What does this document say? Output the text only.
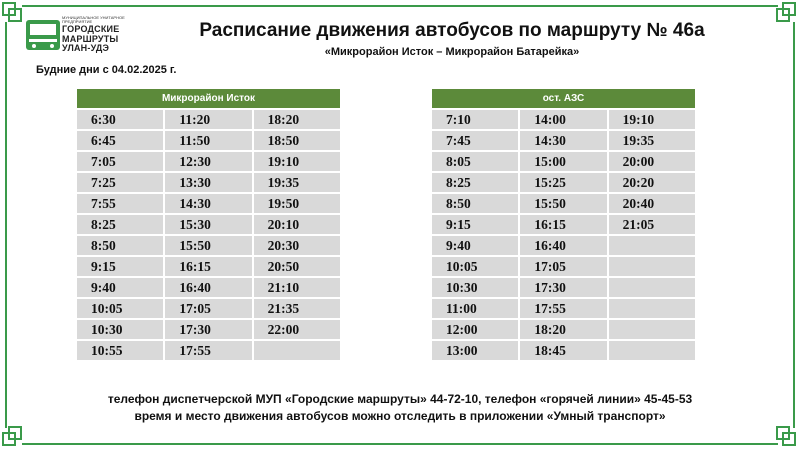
МУНИЦИПАЛЬНОЕ УНИТАРНОЕ ПРЕДПРИЯТИЕ
ГОРОДСКИЕ
МАРШРУТЫ
УЛАН-УДЭ
Расписание движения автобусов по маршруту № 46а
«Микрорайон Исток – Микрорайон Батарейка»
Будние дни с 04.02.2025 г.
Микрорайон Исток
6:30	11:20	18:20
6:45	11:50	18:50
7:05	12:30	19:10
7:25	13:30	19:35
7:55	14:30	19:50
8:25	15:30	20:10
8:50	15:50	20:30
9:15	16:15	20:50
9:40	16:40	21:10
10:05	17:05	21:35
10:30	17:30	22:00
10:55	17:55
ост. АЗС
7:10	14:00	19:10
7:45	14:30	19:35
8:05	15:00	20:00
8:25	15:25	20:20
8:50	15:50	20:40
9:15	16:15	21:05
9:40	16:40
10:05	17:05
10:30	17:30
11:00	17:55
12:00	18:20
13:00	18:45
телефон диспетчерской МУП «Городские маршруты» 44-72-10, телефон «горячей линии» 45-45-53
время и место движения автобусов можно отследить в приложении «Умный транспорт»
